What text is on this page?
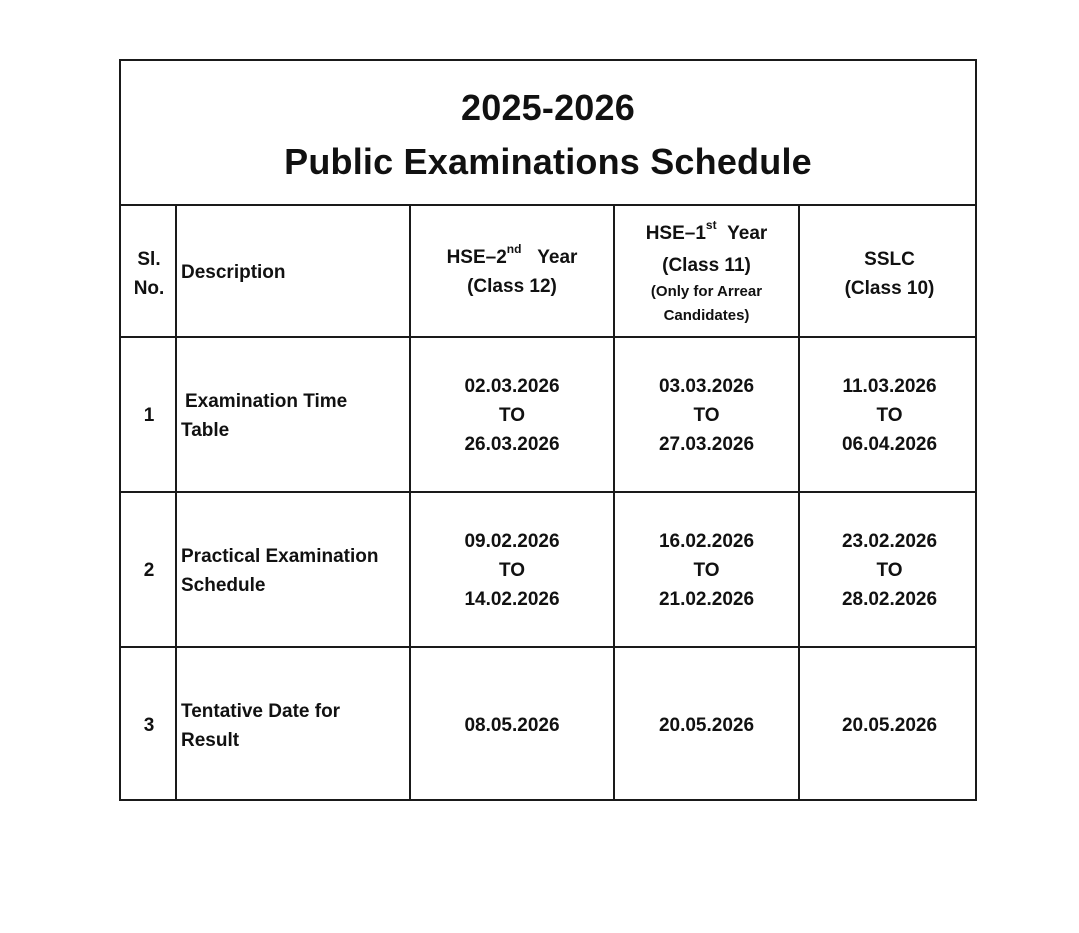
2025-2026
Public Examinations Schedule
Sl.
No.
Description
HSE–2nd Year
(Class 12)
HSE–1st Year
(Class 11)
(Only for Arrear
Candidates)
SSLC
(Class 10)
1
Examination Time
Table
02.03.2026
TO
26.03.2026
03.03.2026
TO
27.03.2026
11.03.2026
TO
06.04.2026
2
Practical Examination
Schedule
09.02.2026
TO
14.02.2026
16.02.2026
TO
21.02.2026
23.02.2026
TO
28.02.2026
3
Tentative Date for
Result
08.05.2026	20.05.2026	20.05.2026
